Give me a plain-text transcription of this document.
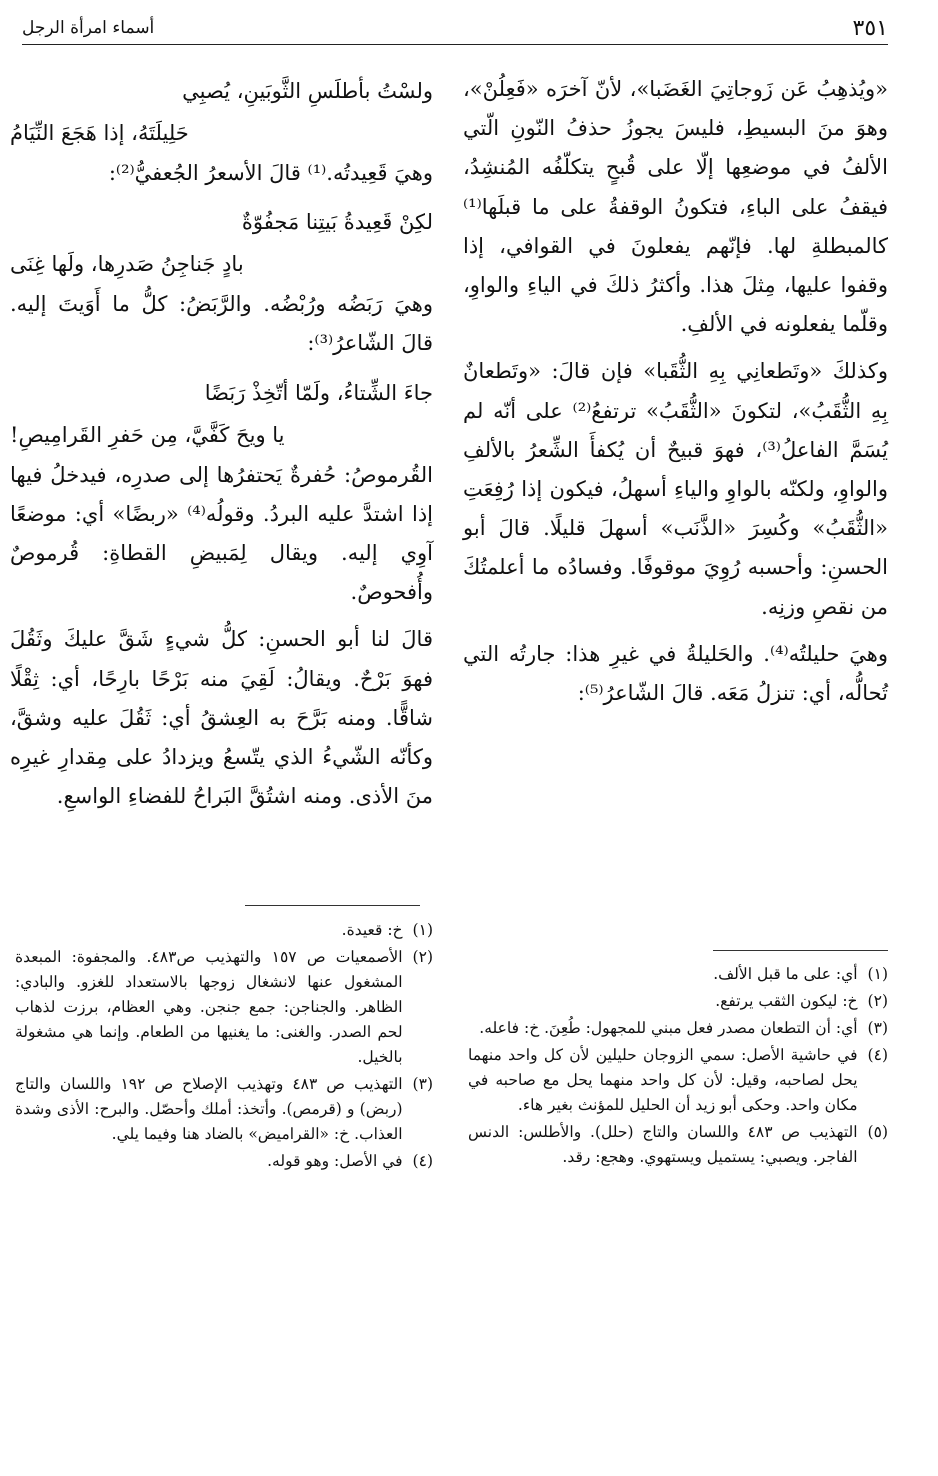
٣٥١
أسماء امرأة الرجل

«ويُذهِبُ عَن زَوجاتِيَ الغَضَبا»، لأنّ آخرَه «فَعِلُنْ»، وهوَ منَ البسيطِ، فليسَ يجوزُ حذفُ النّونِ الّتي الألفُ في موضعِها إلّا على قُبحٍ يتكلّفُه المُنشِدُ، فيقفُ على الباءِ، فتكونُ الوقفةُ على ما قبلَها⁽¹⁾ كالمبطلةِ لها. فإنّهم يفعلونَ في القوافي، إذا وقفوا عليها، مِثلَ هذا. وأكثرُ ذلكَ في الياءِ والواوِ، وقلّما يفعلونه في الألفِ.

وكذلكَ «وتَطعانِي بِهِ الثُّقَبا» فإن قالَ: «وتَطعانٌ بِهِ الثُّقَبُ»، لتكونَ «الثُّقَبُ» ترتفعُ⁽²⁾ على أنّه لم يُسَمَّ الفاعلُ⁽³⁾، فهوَ قبيحٌ أن يُكفأَ الشِّعرُ بالألفِ والواوِ، ولكنّه بالواوِ والياءِ أسهلُ، فيكون إذا رُفِعَتِ «الثُّقَبُ» وكُسِرَ «الذَّنَب» أسهلَ قليلًا. قالَ أبو الحسنِ: وأحسبه رُوِيَ موقوفًا. وفسادُه ما أعلمتُكَ من نقصِ وزنِه.

وهيَ حليلتُه⁽⁴⁾. والحَليلةُ في غيرِ هذا: جارتُه التي تُحالُّه، أي: تنزلُ مَعَه. قالَ الشّاعرُ⁽⁵⁾:

ولسْتُ بأطلَسِ الثَّوبَينِ، يُصبِي
حَلِيلَتَهُ، إذا هَجَعَ النِّيَامُ

وهيَ قَعِيدتُه.⁽¹⁾ قالَ الأسعرُ الجُعفيُّ⁽²⁾:

لكِنْ قَعِيدةُ بَيتِنا مَجفُوّةٌ
بادٍ جَناجِنُ صَدرِها، ولَها غِنَى

وهيَ رَبَضُه ورُبْضُه. والرَّبَضُ: كلُّ ما أَوَيتَ إليه. قالَ الشّاعرُ⁽³⁾:

جاءَ الشِّتاءُ، ولَمّا أتّخِذْ رَبَضًا
يا ويحَ كَفَّيَّ، مِن حَفرِ القَرامِيصِ!

القُرموصُ: حُفرةٌ يَحتفرُها إلى صدرِه، فيدخلُ فيها إذا اشتدَّ عليه البردُ. وقولُه⁽⁴⁾ «ربضًا» أي: موضعًا آوِي إليه. ويقال لِمَبيضِ القطاةِ: قُرموصٌ وأُفحوصٌ.

قالَ لنا أبو الحسنِ: كلُّ شيءٍ شَقَّ عليكَ وثَقُلَ فهوَ بَرْحٌ. ويقالُ: لَقِيَ منه بَرْحًا بارِحًا، أي: ثِقْلًا شاقًّا. ومنه بَرَّحَ به العِشقُ أي: ثَقُلَ عليه وشقَّ، وكأنّه الشّيءُ الذي يتّسعُ ويزدادُ على مِقدارِ غيرِه منَ الأذى. ومنه اشتُقَّ البَراحُ للفضاءِ الواسعِ.

(١)
خ: قعيدة.
(٢)
الأصمعيات ص ١٥٧ والتهذيب ص٤٨٣. والمجفوة: المبعدة المشغول عنها لانشغال زوجها بالاستعداد للغزو. والبادي: الظاهر. والجناجن: جمع جنجن. وهي العظام، برزت لذهاب لحم الصدر. والغنى: ما يغنيها من الطعام. وإنما هي مشغولة بالخيل.
(٣)
التهذيب ص ٤٨٣ وتهذيب الإصلاح ص ١٩٢ واللسان والتاج (ربض) و (قرمص). وأتخذ: أملك وأحصّل. والبرح: الأذى وشدة العذاب. خ: «القراميض» بالضاد هنا وفيما يلي.
(٤)
في الأصل: وهو قوله.
(١)
أي: على ما قبل الألف.
(٢)
خ: ليكون الثقب يرتفع.
(٣)
أي: أن التطعان مصدر فعل مبني للمجهول: طُعِنَ. خ: فاعله.
(٤)
في حاشية الأصل: سمي الزوجان حليلين لأن كل واحد منهما يحل لصاحبه، وقيل: لأن كل واحد منهما يحل مع صاحبه في مكان واحد. وحكى أبو زيد أن الحليل للمؤنث بغير هاء.
(٥)
التهذيب ص ٤٨٣ واللسان والتاج (حلل). والأطلس: الدنس الفاجر. ويصبي: يستميل ويستهوي. وهجع: رقد.
